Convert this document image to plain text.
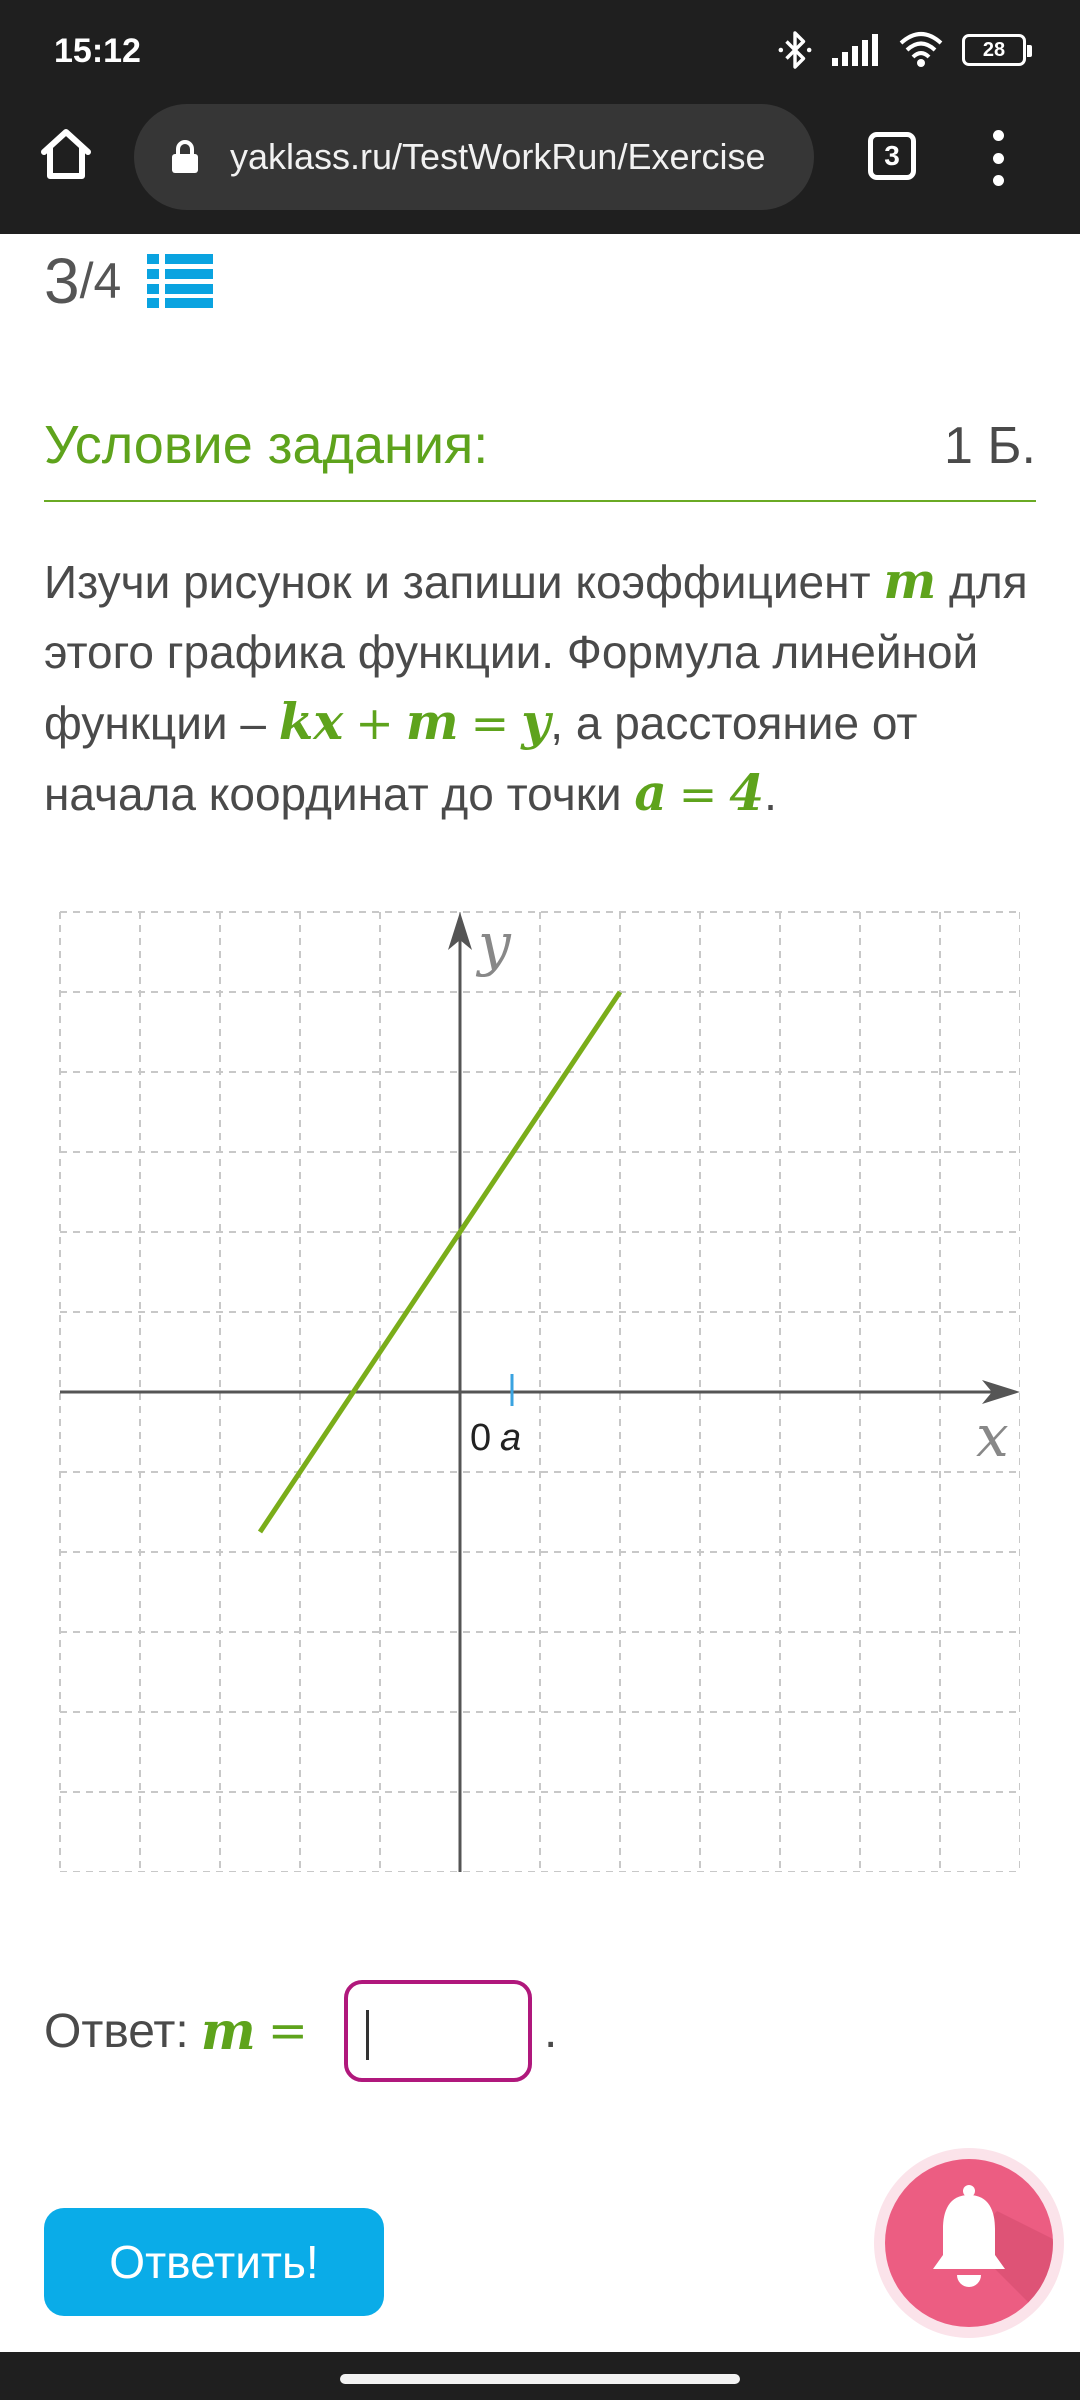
15:12	28
yaklass.ru/TestWorkRun/Exercise	3
3 /4
Условие задания:	1 Б.
Изучи рисунок и запиши коэффициент m для этого графика функции. Формула линейной функции – kx + m = y, а расстояние от начала координат до точки a = 4.
0 a
y
x
Ответ: m =	.
Ответить!
